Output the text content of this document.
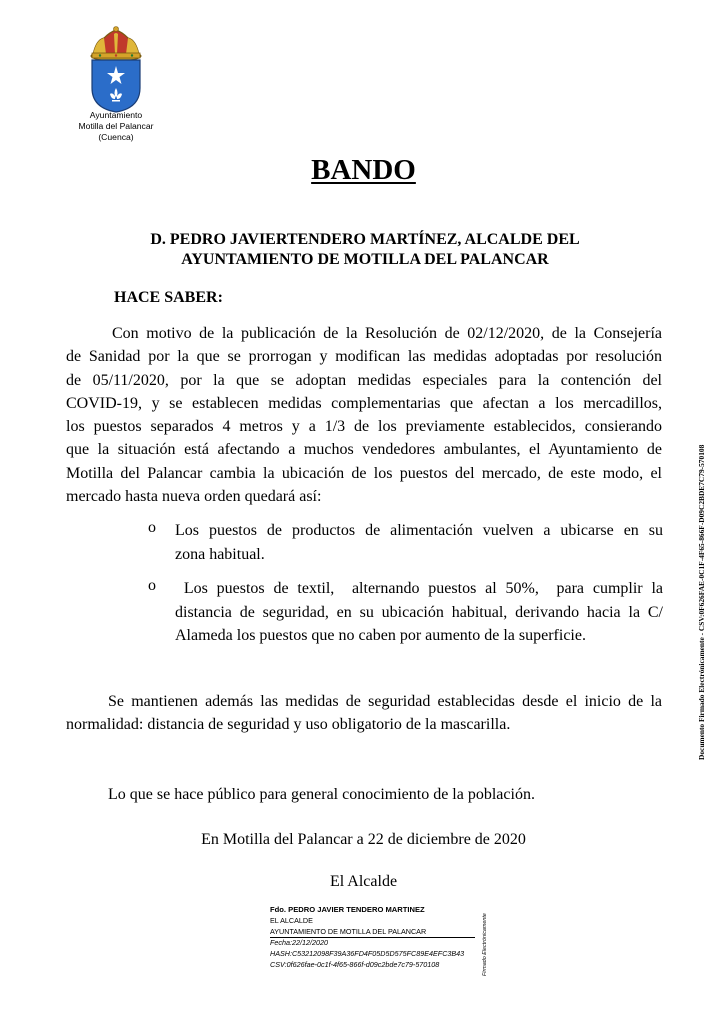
Ayuntamiento
Motilla del Palancar
(Cuenca)
BANDO
D. PEDRO JAVIERTENDERO MARTÍNEZ, ALCALDE DEL
AYUNTAMIENTO DE MOTILLA DEL PALANCAR
HACE SABER:
Con motivo de la publicación de la Resolución de 02/12/2020, de la Consejería
de Sanidad por la que se prorrogan y modifican las medidas adoptadas por resolución
de 05/11/2020, por la que se adoptan medidas especiales para la contención del
COVID-19, y se establecen medidas complementarias que afectan a los mercadillos,
los puestos separados 4 metros y a 1/3 de los previamente establecidos, consierando
que la situación está afectando a muchos vendedores ambulantes, el Ayuntamiento de
Motilla del Palancar cambia la ubicación de los puestos del mercado, de este modo, el
mercado hasta nueva orden quedará así:
o Los puestos de productos de alimentación vuelven a ubicarse en su
zona habitual.
o Los puestos de textil,  alternando puestos al 50%,  para cumplir la
distancia de seguridad, en su ubicación habitual, derivando hacia la C/
Alameda los puestos que no caben por aumento de la superficie.
Se mantienen además las medidas de seguridad establecidas desde el inicio de la
normalidad: distancia de seguridad y uso obligatorio de la mascarilla.
Lo que se hace público para general conocimiento de la población.
En Motilla del Palancar a 22 de diciembre de 2020
El Alcalde
Fdo. PEDRO JAVIER TENDERO MARTINEZ
EL ALCALDE
AYUNTAMIENTO DE MOTILLA DEL PALANCAR
Fecha:22/12/2020
HASH:C53212098F39A36FD4F05D5D575FC89E4EFC3B43
CSV:0f626fae-0c1f-4f65-866f-d09c2bde7c79-570108	Firmado Electrónicamente
Documento Firmado Electrónicamente - CSV:0F626FAE-0C1F-4F65-866F-D09C2BDE7C79-570108
